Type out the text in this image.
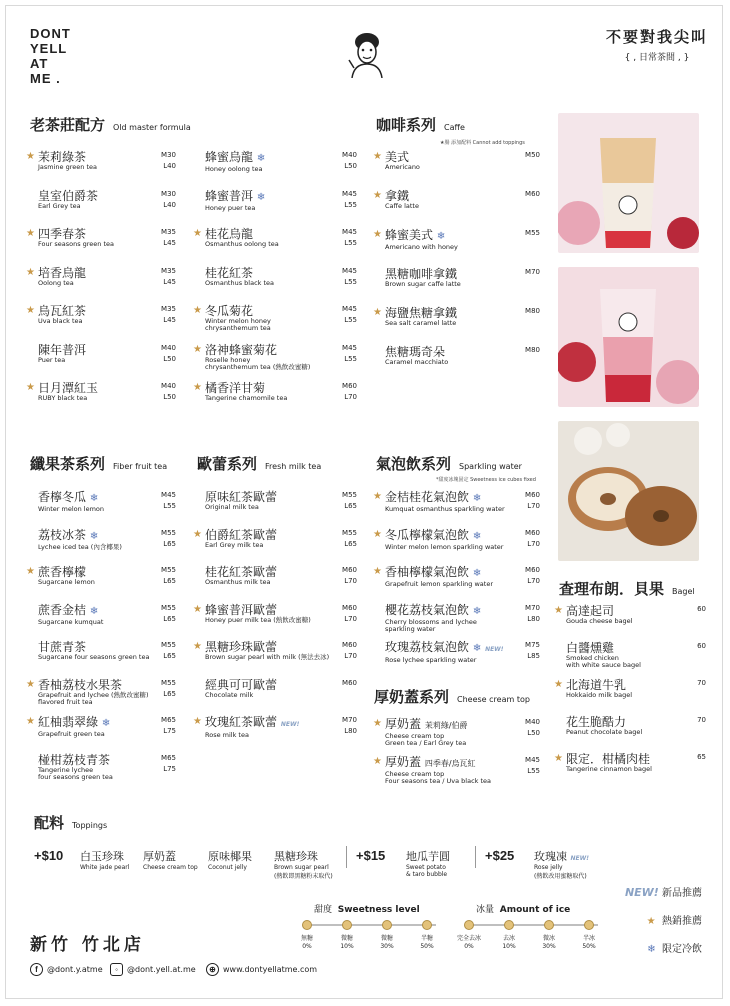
DONT
YELL
AT
ME .
不要對我尖叫
{ , 日常茶間 , }
老茶莊配方 Old master formula	咖啡系列 Caffe
★腸 添加配料 Cannot add toppings
纖果茶系列 Fiber fruit tea 歐蕾系列 Fresh milk tea	氣泡飲系列 Sparkling water
*甜度冰塊固定 Sweetness ice cubes fixed
查理布朗．貝果 Bagel
厚奶蓋系列 Cheese cream top
配料 Toppings
★ 茉莉綠茶
Jasmine green tea
M30
L40
皇室伯爵茶
Earl Grey tea
M30
L40
★ 四季春茶
Four seasons green tea
M35
L45
★ 培香烏龍
Oolong tea
M35
L45
★ 烏瓦紅茶
Uva black tea
M35
L45
陳年普洱
Puer tea
M40
L50
★ 日月潭紅玉
RUBY black tea
M40
L50
蜂蜜烏龍 ❄
Honey oolong tea
M40
L50
蜂蜜普洱 ❄
Honey puer tea
M45
L55
★ 桂花烏龍
Osmanthus oolong tea
M45
L55
桂花紅茶
Osmanthus black tea
M45
L55
★ 冬瓜菊花
Winter melon honey
chrysanthemum tea
M45
L55
★ 洛神蜂蜜菊花
Roselle honey
chrysanthemum tea (熱飲改蜜糖)
M45
L55
★ 橘香洋甘菊
Tangerine chamomile tea
M60
L70
★ 美式
Americano
M50
★ 拿鐵
Caffe latte
M60
★ 蜂蜜美式 ❄
Americano with honey
M55
黑糖咖啡拿鐵
Brown sugar caffe latte
M70
★ 海鹽焦糖拿鐵
Sea salt caramel latte
M80
焦糖瑪奇朵
Caramel macchiato
M80
香檸冬瓜 ❄
Winter melon lemon
M45
L55
荔枝冰茶 ❄
Lychee iced tea (內含椰果)
M55
L65
★ 蔗香檸檬
Sugarcane lemon
M55
L65
蔗香金桔 ❄
Sugarcane kumquat
M55
L65
甘蔗青茶
Sugarcane four seasons green tea
M55
L65
★ 香柚荔枝水果茶
Grapefruit and lychee (熱飲改蜜糖)
flavored fruit tea
M55
L65
★ 紅柚翡翠綠 ❄
Grapefruit green tea
M65
L75
椪柑荔枝青茶
Tangerine lychee
four seasons green tea
M65
L75
原味紅茶歐蕾
Original milk tea
M55
L65
★ 伯爵紅茶歐蕾
Earl Grey milk tea
M55
L65
桂花紅茶歐蕾
Osmanthus milk tea
M60
L70
★ 蜂蜜普洱歐蕾
Honey puer milk tea (熱飲改蜜糖)
M60
L70
★ 黑糖珍珠歐蕾
Brown sugar pearl with milk (無法去冰)
M60
L70
經典可可歐蕾
Chocolate milk
M60
★ 玫瑰紅茶歐蕾 NEW!
Rose milk tea
M70
L80
★ 金桔桂花氣泡飲 ❄
Kumquat osmanthus sparkling water
M60
L70
★ 冬瓜檸檬氣泡飲 ❄
Winter melon lemon sparkling water
M60
L70
★ 香柚檸檬氣泡飲 ❄
Grapefruit lemon sparkling water
M60
L70
櫻花荔枝氣泡飲 ❄
Cherry blossoms and lychee
sparkling water
M70
L80
玫瑰荔枝氣泡飲 ❄ NEW!
Rose lychee sparkling water
M75
L85
★ 厚奶蓋 茉莉綠/伯爵
Cheese cream top
Green tea / Earl Grey tea
M40
L50
★ 厚奶蓋 四季春/烏瓦紅
Cheese cream top
Four seasons tea / Uva black tea
M45
L55
★ 高達起司
Gouda cheese bagel
60
白醬燻雞
Smoked chicken
with white sauce bagel
60
★ 北海道牛乳
Hokkaido milk bagel
70
花生脆酷力
Peanut chocolate bagel
70
★ 限定．柑橘肉桂
Tangerine cinnamon bagel
65
+$10 白玉珍珠
White jade pearl
厚奶蓋
Cheese cream top
原味椰果
Coconut jelly
黑糖珍珠
Brown sugar pearl
(熱飲即黑糖粉末取代)
+$15 地瓜芋圓
Sweet potato
& taro bubble
+$25 玫瑰凍 NEW!
Rose jelly
(熱飲改用蜜糖取代)
甜度 Sweetness level
無糖
0%
微糖
10%
微糖
30%
半糖
50%
冰量 Amount of ice
完全去冰
0%
去冰
10%
微冰
30%
半冰
50%
NEW! 新品推薦
★ 熱銷推薦
❄ 限定冷飲
新竹 竹北店
f	@dont.y.atme	◦	@dont.yell.at.me	⊕ www.dontyellatme.com
